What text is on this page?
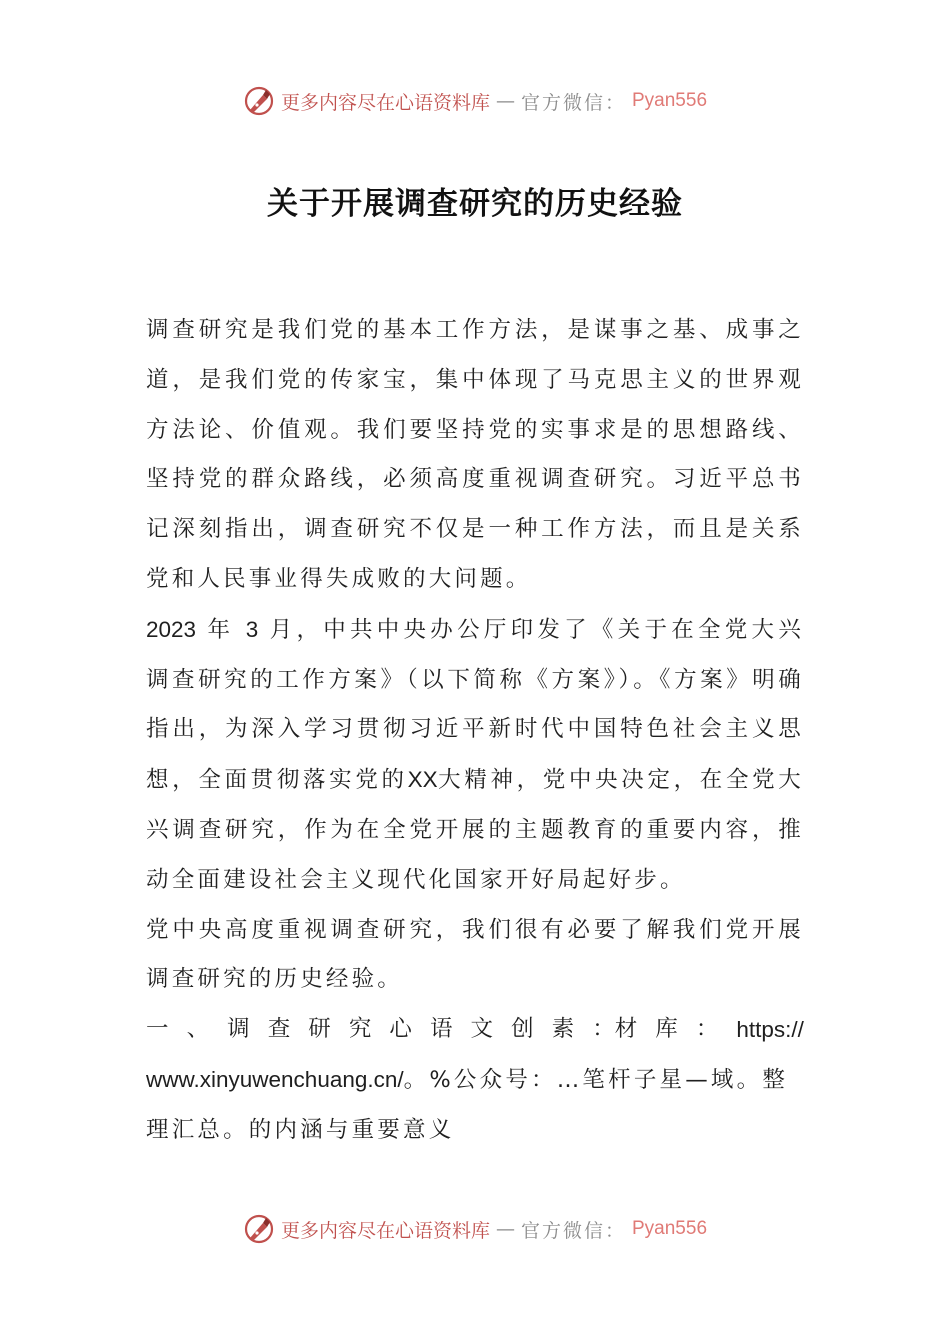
更多内容尽在心语资料库 — 官方微信： Pyan556
关于开展调查研究的历史经验

调查研究是我们党的基本工作方法，是谋事之基、成事之道，是我们党的传家宝，集中体现了马克思主义的世界观方法论、价值观。我们要坚持党的实事求是的思想路线、坚持党的群众路线，必须高度重视调查研究。习近平总书记深刻指出，调查研究不仅是一种工作方法，而且是关系党和人民事业得失成败的大问题。

2023 年 3 月，中共中央办公厅印发了《关于在全党大兴调查研究的工作方案》（以下简称《方案》）。《方案》明确指出，为深入学习贯彻习近平新时代中国特色社会主义思想，全面贯彻落实党的XX大精神，党中央决定，在全党大兴调查研究，作为在全党开展的主题教育的重要内容，推动全面建设社会主义现代化国家开好局起好步。

党中央高度重视调查研究，我们很有必要了解我们党开展调查研究的历史经验。

一 、 调 查 研 究 心 语 文 创 素 ：材 库 ： https://

www.xinyuwenchuang.cn/。%公众号：…笔杆子星—域。整

理汇总。的内涵与重要意义

更多内容尽在心语资料库 — 官方微信： Pyan556
